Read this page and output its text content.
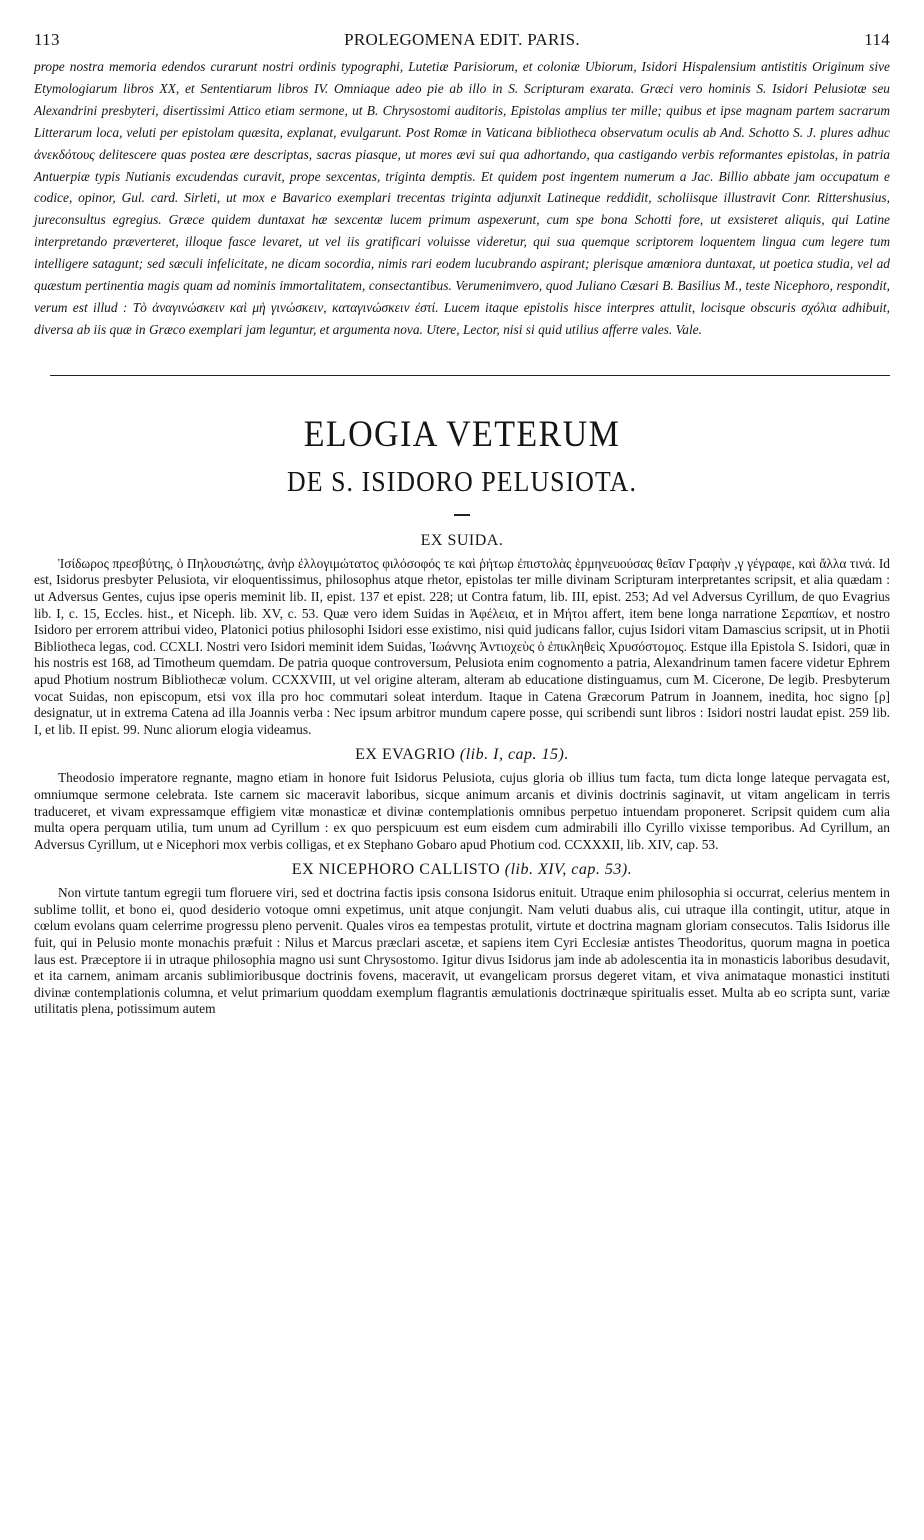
113	PROLEGOMENA EDIT. PARIS.	114

prope nostra memoria edendos curarunt nostri ordinis typographi, Lutetiæ Parisiorum, et coloniæ Ubiorum, Isidori Hispalensium antistitis Originum sive Etymologiarum libros XX, et Sententiarum libros IV. Omniaque adeo pie ab illo in S. Scripturam exarata. Græci vero hominis S. Isidori Pelusiotæ seu Alexandrini presbyteri, disertissimi Attico etiam sermone, ut B. Chrysostomi auditoris, Epistolas amplius ter mille; quibus et ipse magnam partem sacrarum Litterarum loca, veluti per epistolam quæsita, explanat, evulgarunt. Post Romæ in Vaticana bibliotheca observatum oculis ab And. Schotto S. J. plures adhuc ἀνεκδότους delitescere quas postea ære descriptas, sacras piasque, ut mores ævi sui qua adhortando, qua castigando verbis reformantes epistolas, in patria Antuerpiæ typis Nutianis excudendas curavit, prope sexcentas, triginta demptis. Et quidem post ingentem numerum a Jac. Billio abbate jam occupatum e codice, opinor, Gul. card. Sirleti, ut mox e Bavarico exemplari trecentas triginta adjunxit Latineque reddidit, scholiisque illustravit Conr. Rittershusius, jureconsultus egregius. Græce quidem duntaxat hæ sexcentæ lucem primum aspexerunt, cum spe bona Schotti fore, ut exsisteret aliquis, qui Latine interpretando præverteret, illoque fasce levaret, ut vel iis gratificari voluisse videretur, qui sua quemque scriptorem loquentem lingua cum legere tum intelligere satagunt; sed sæculi infelicitate, ne dicam socordia, nimis rari eodem lucubrando aspirant; plerisque amœniora duntaxat, ut poetica studia, vel ad quæstum pertinentia magis quam ad nominis immortalitatem, consectantibus. Verumenimvero, quod Juliano Cæsari B. Basilius M., teste Nicephoro, respondit, verum est illud : Τὸ ἀναγινώσκειν καὶ μὴ γινώσκειν, καταγινώσκειν ἐστί. Lucem itaque epistolis hisce interpres attulit, locisque obscuris σχόλια adhibuit, diversa ab iis quæ in Græco exemplari jam leguntur, et argumenta nova. Utere, Lector, nisi si quid utilius afferre vales. Vale.

ELOGIA VETERUM
DE S. ISIDORO PELUSIOTA.
EX SUIDA.

Ἰσίδωρος πρεσβύτης, ὁ Πηλουσιώτης, ἀνὴρ ἐλλογιμώτατος φιλόσοφός τε καὶ ῥήτωρ ἐπιστολὰς ἑρμηνευούσας θεῖαν Γραφὴν ,γ γέγραφε, καὶ ἄλλα τινά. Id est, Isidorus presbyter Pelusiota, vir eloquentissimus, philosophus atque rhetor, epistolas ter mille divinam Scripturam interpretantes scripsit, et alia quædam : ut Adversus Gentes, cujus ipse operis meminit lib. II, epist. 137 et epist. 228; ut Contra fatum, lib. III, epist. 253; Ad vel Adversus Cyrillum, de quo Evagrius lib. I, c. 15, Eccles. hist., et Niceph. lib. XV, c. 53. Quæ vero idem Suidas in Ἀφέλεια, et in Μήτοι affert, item bene longa narratione Σεραπίων, et nostro Isidoro per errorem attribui video, Platonici potius philosophi Isidori esse existimo, nisi quid judicans fallor, cujus Isidori vitam Damascius scripsit, ut in Photii Bibliotheca legas, cod. CCXLI. Nostri vero Isidori meminit idem Suidas, Ἰωάννης Ἀντιοχεὺς ὁ ἐπικληθεὶς Χρυσόστομος. Estque illa Epistola S. Isidori, quæ in his nostris est 168, ad Timotheum quemdam. De patria quoque controversum, Pelusiota enim cognomento a patria, Alexandrinum tamen facere videtur Ephrem apud Photium nostrum Bibliothecæ volum. CCXXVIII, ut vel origine alteram, alteram ab educatione distinguamus, cum M. Cicerone, De legib. Presbyterum vocat Suidas, non episcopum, etsi vox illa pro hoc commutari soleat interdum. Itaque in Catena Græcorum Patrum in Joannem, inedita, hoc signo [ρ] designatur, ut in extrema Catena ad illa Joannis verba : Nec ipsum arbitror mundum capere posse, qui scribendi sunt libros : Isidori nostri laudat epist. 259 lib. I, et lib. II epist. 99. Nunc aliorum elogia videamus.

EX EVAGRIO (lib. I, cap. 15).

Theodosio imperatore regnante, magno etiam in honore fuit Isidorus Pelusiota, cujus gloria ob illius tum facta, tum dicta longe lateque pervagata est, omniumque sermone celebrata. Iste carnem sic maceravit laboribus, sicque animum arcanis et divinis doctrinis saginavit, ut vitam angelicam in terris traduceret, et vivam expressamque effigiem vitæ monasticæ et divinæ contemplationis omnibus perpetuo intuendam proponeret. Scripsit quidem cum alia multa opera perquam utilia, tum unum ad Cyrillum : ex quo perspicuum est eum eisdem cum admirabili illo Cyrillo vixisse temporibus. Ad Cyrillum, an Adversus Cyrillum, ut e Nicephori mox verbis colligas, et ex Stephano Gobaro apud Photium cod. CCXXXII, lib. XIV, cap. 53.

EX NICEPHORO CALLISTO (lib. XIV, cap. 53).

Non virtute tantum egregii tum floruere viri, sed et doctrina factis ipsis consona Isidorus enituit. Utraque enim philosophia si occurrat, celerius mentem in sublime tollit, et bono ei, quod desiderio votoque omni expetimus, unit atque conjungit. Nam veluti duabus alis, cui utraque illa contingit, utitur, atque in cœlum evolans quam celerrime progressu pleno pervenit. Quales viros ea tempestas protulit, virtute et doctrina magnam gloriam consecutos. Talis Isidorus ille fuit, qui in Pelusio monte monachis præfuit : Nilus et Marcus præclari ascetæ, et sapiens item Cyri Ecclesiæ antistes Theodoritus, quorum magna in poetica laus est. Præceptore ii in utraque philosophia magno usi sunt Chrysostomo. Igitur divus Isidorus jam inde ab adolescentia ita in monasticis laboribus desudavit, et ita carnem, animam arcanis sublimioribusque doctrinis fovens, maceravit, ut evangelicam prorsus degeret vitam, et viva animataque monastici instituti divinæ contemplationis columna, et velut primarium quoddam exemplum flagrantis æmulationis doctrinæque spiritualis esset. Multa ab eo scripta sunt, variæ utilitatis plena, potissimum autem
